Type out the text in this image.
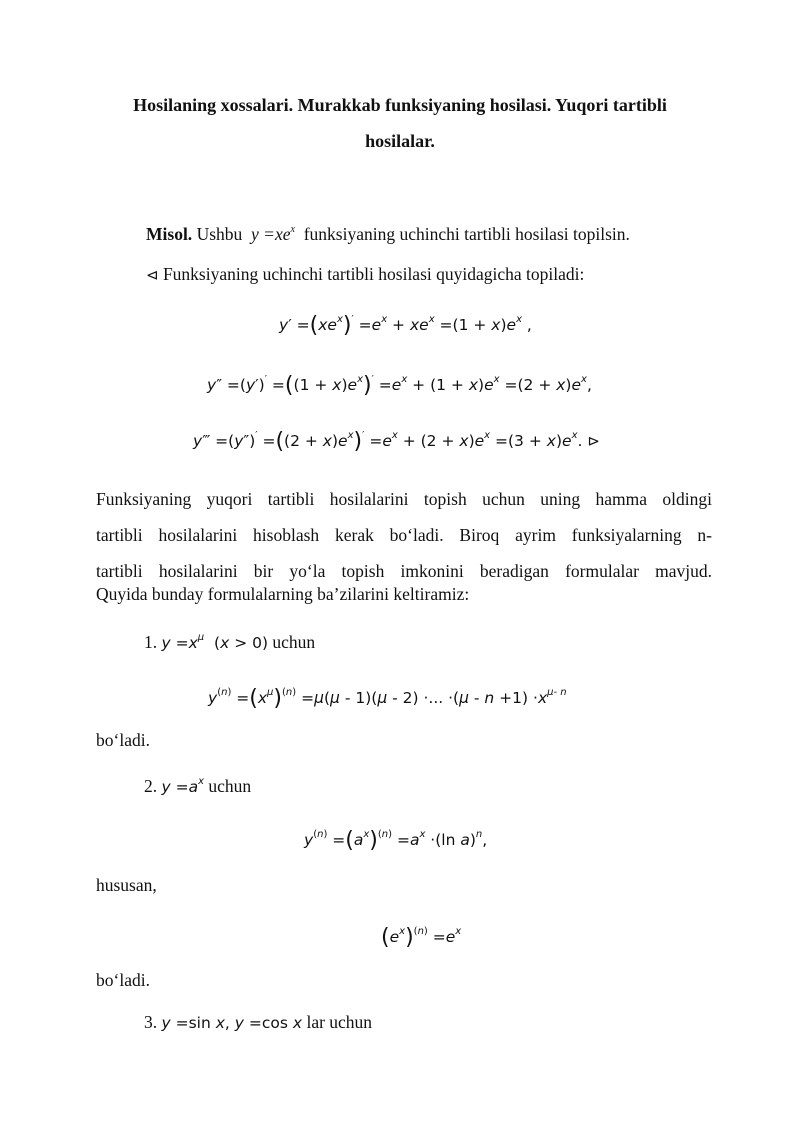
Hosilaning xossalari. Murakkab funksiyaning hosilasi. Yuqori tartibli
hosilalar.
Misol. Ushbu  $y =xe^x$ funksiyaning uchinchi tartibli hosilasi topilsin.
⊲ Funksiyaning uchinchi tartibli hosilasi quyidagicha topiladi:
$y' =(xe^x)' =e^x + xe^x =(1 + x)e^x$ ,
$y'' =(y')' =((1 + x)e^x)' =e^x + (1 + x)e^x =(2 + x)e^x$,
y‴ $=(y'')' =((2 + x)e^x)' =e^x + (2 + x)e^x =(3 + x)e^x$. ⊳
Funksiyaning yuqori tartibli hosilalarini topish uchun uning hamma oldingi
tartibli hosilalarini hisoblash kerak bo‘ladi. Biroq ayrim funksiyalarning n-
tartibli hosilalarini bir yo‘la topish imkonini beradigan formulalar mavjud.
Quyida bunday formulalarning ba’zilarini keltiramiz:
1. $y =x^\mu$  (x > 0) uchun
$y^{(n)} =(x^\mu)^{(n)} =\mu(\mu - 1)(\mu - 2)$ ·... $\cdot(\mu - n +1) \cdot x^{\mu- n}$
bo‘ladi.
2. $y =a^x$ uchun
$y^{(n)} =(a^x)^{(n)} =a^x \cdot(\ln$ a)$^n$,
hususan,
$(e^x)^{(n)} =e^x$
bo‘ladi.
3. y =sin x, y =cos x lar uchun
